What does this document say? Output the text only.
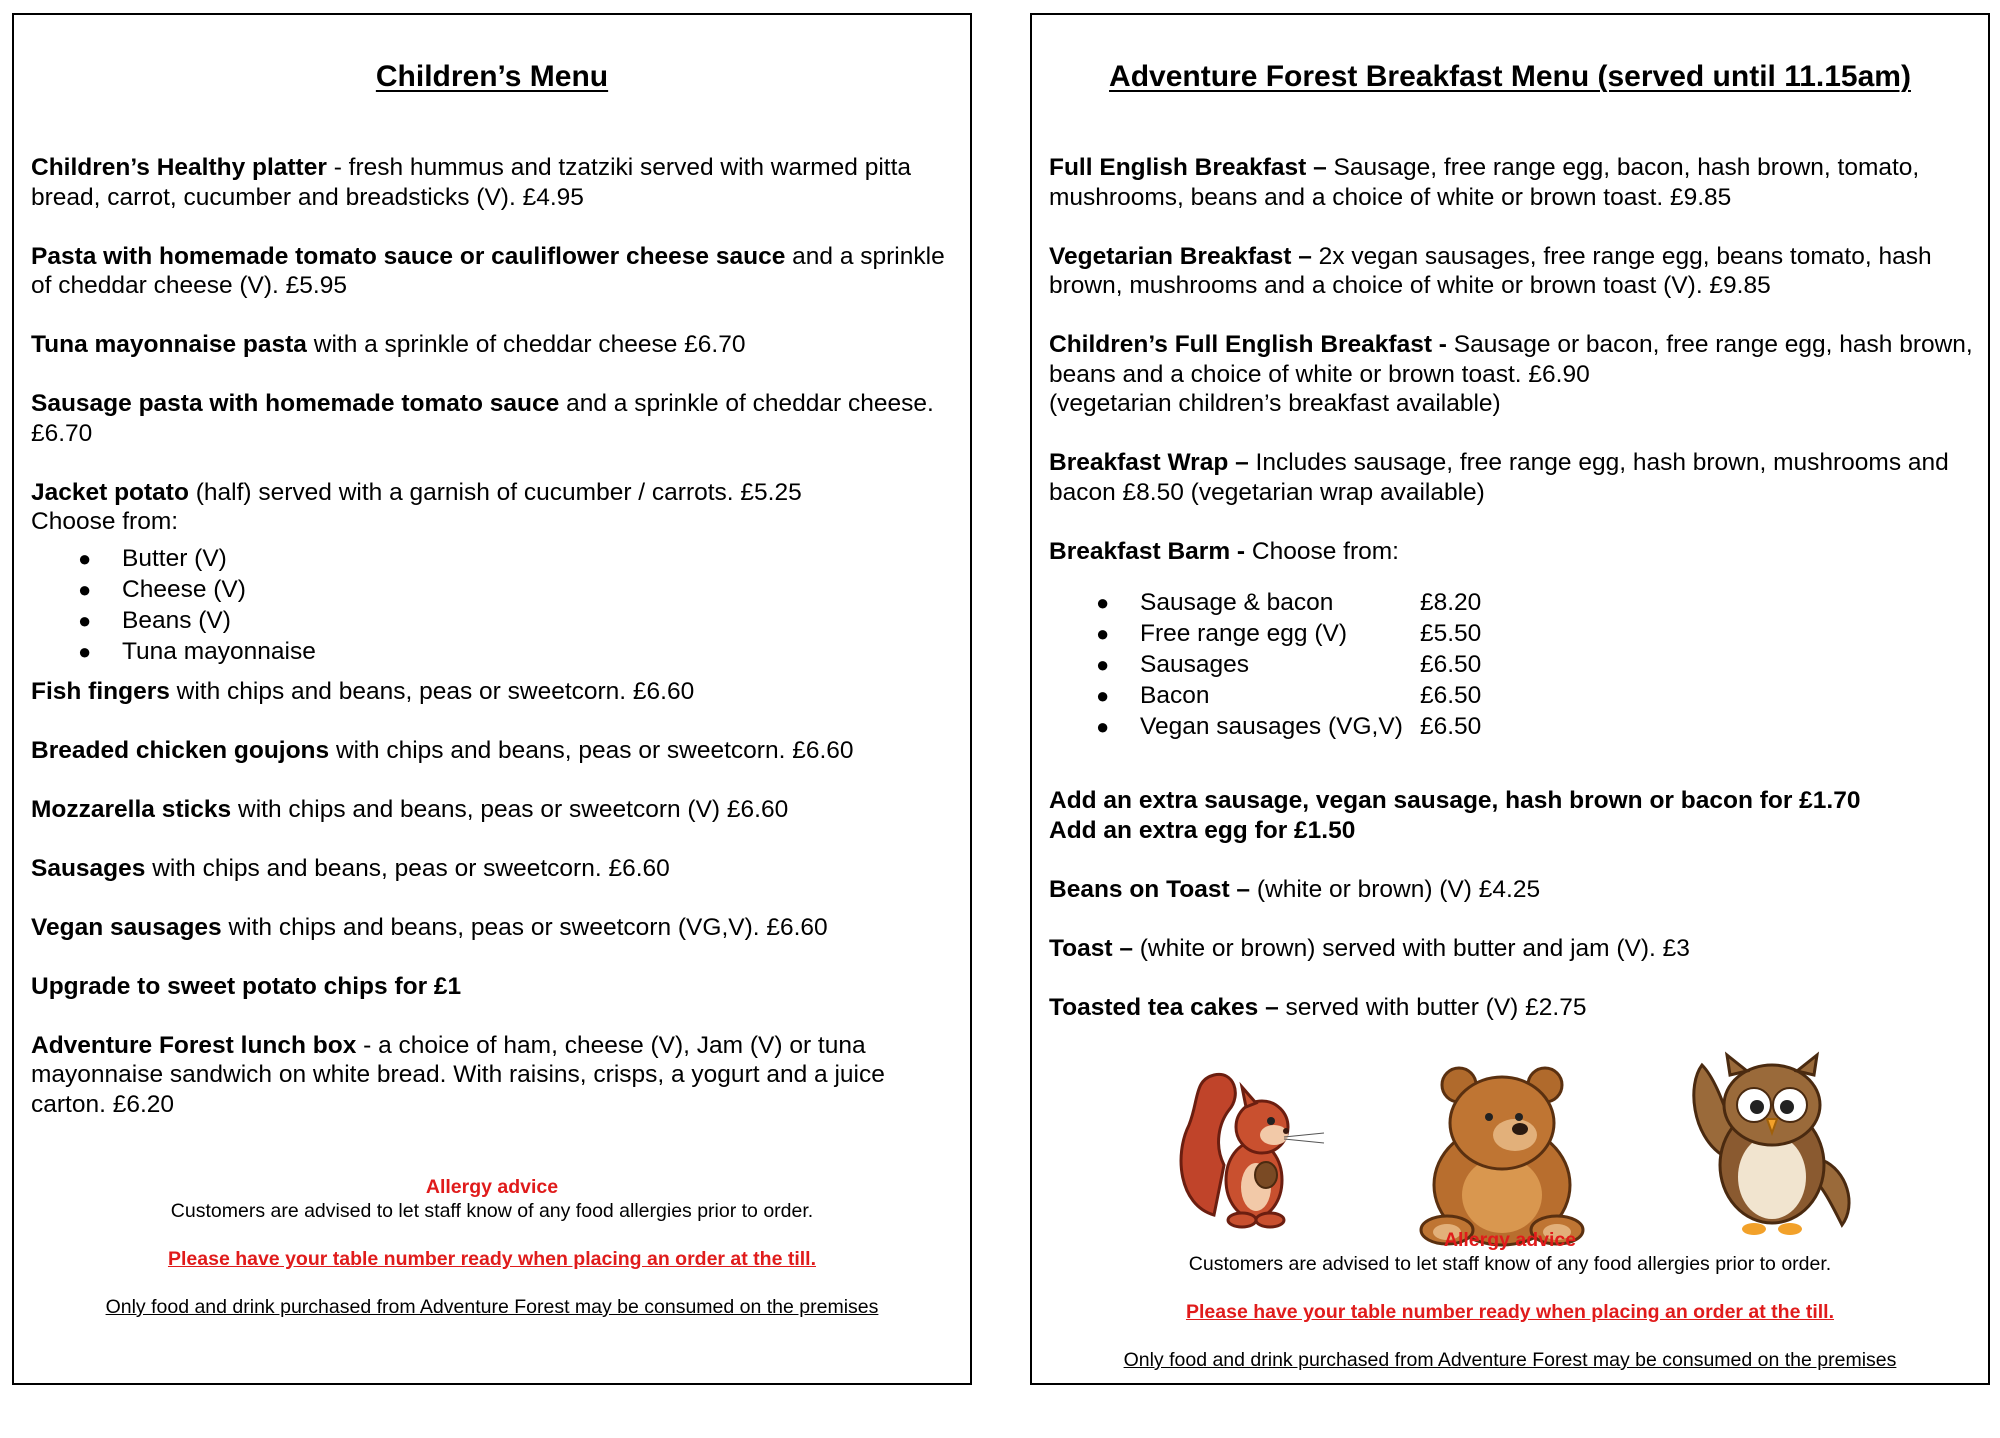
Children’s Menu

Children’s Healthy platter - fresh hummus and tzatziki served with warmed pitta bread, carrot, cucumber and breadsticks (V). £4.95

Pasta with homemade tomato sauce or cauliflower cheese sauce and a sprinkle of cheddar cheese (V). £5.95

Tuna mayonnaise pasta with a sprinkle of cheddar cheese £6.70

Sausage pasta with homemade tomato sauce and a sprinkle of cheddar cheese. £6.70

Jacket potato (half) served with a garnish of cucumber / carrots. £5.25
Choose from:

● Butter (V)
● Cheese (V)
● Beans (V)
● Tuna mayonnaise

Fish fingers with chips and beans, peas or sweetcorn. £6.60

Breaded chicken goujons with chips and beans, peas or sweetcorn. £6.60

Mozzarella sticks with chips and beans, peas or sweetcorn (V) £6.60

Sausages with chips and beans, peas or sweetcorn. £6.60

Vegan sausages with chips and beans, peas or sweetcorn (VG,V). £6.60

Upgrade to sweet potato chips for £1

Adventure Forest lunch box - a choice of ham, cheese (V), Jam (V) or tuna mayonnaise sandwich on white bread. With raisins, crisps, a yogurt and a juice carton. £6.20

Allergy advice
Customers are advised to let staff know of any food allergies prior to order.
Please have your table number ready when placing an order at the till.
Only food and drink purchased from Adventure Forest may be consumed on the premises
Adventure Forest Breakfast Menu (served until 11.15am)

Full English Breakfast – Sausage, free range egg, bacon, hash brown, tomato, mushrooms, beans and a choice of white or brown toast. £9.85

Vegetarian Breakfast – 2x vegan sausages, free range egg, beans tomato, hash brown, mushrooms and a choice of white or brown toast (V). £9.85

Children’s Full English Breakfast - Sausage or bacon, free range egg, hash brown, beans and a choice of white or brown toast. £6.90
(vegetarian children’s breakfast available)

Breakfast Wrap – Includes sausage, free range egg, hash brown, mushrooms and bacon £8.50 (vegetarian wrap available)

Breakfast Barm - Choose from:

● Sausage & bacon	£8.20
● Free range egg (V)	£5.50
● Sausages	£6.50
● Bacon	£6.50
● Vegan sausages (VG,V) £6.50

Add an extra sausage, vegan sausage, hash brown or bacon for £1.70
Add an extra egg for £1.50

Beans on Toast – (white or brown) (V) £4.25

Toast – (white or brown) served with butter and jam (V). £3

Toasted tea cakes – served with butter (V) £2.75

Allergy advice
Customers are advised to let staff know of any food allergies prior to order.
Please have your table number ready when placing an order at the till.
Only food and drink purchased from Adventure Forest may be consumed on the premises
